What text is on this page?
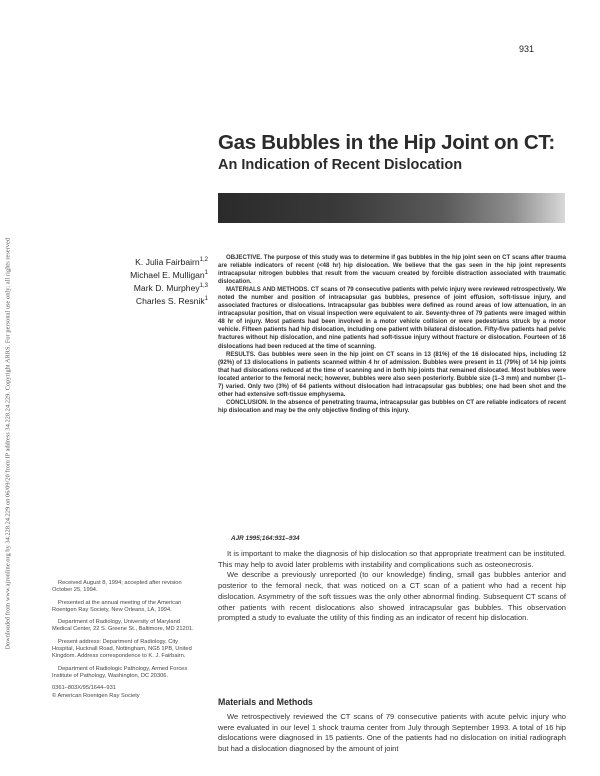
Downloaded from www.ajronline.org by 34.228.24.229 on 06/09/20 from IP address 34.228.24.229. Copyright ARRS. For personal use only; all rights reserved
931
Gas Bubbles in the Hip Joint on CT:
An Indication of Recent Dislocation
K. Julia Fairbairn$^{1,2}$
Michael E. Mulligan$^1$
Mark D. Murphey$^{1,3}$
Charles S. Resnik$^1$

OBJECTIVE. The purpose of this study was to determine if gas bubbles in the hip joint seen on CT scans after trauma are reliable indicators of recent (<48 hr) hip dislocation. We believe that the gas seen in the hip joint represents intracapsular nitrogen bubbles that result from the vacuum created by forcible distraction associated with traumatic dislocation.

MATERIALS AND METHODS. CT scans of 79 consecutive patients with pelvic injury were reviewed retrospectively. We noted the number and position of intracapsular gas bubbles, presence of joint effusion, soft-tissue injury, and associated fractures or dislocations. Intracapsular gas bubbles were defined as round areas of low attenuation, in an intracapsular position, that on visual inspection were equivalent to air. Seventy-three of 79 patients were imaged within 48 hr of injury. Most patients had been involved in a motor vehicle collision or were pedestrians struck by a motor vehicle. Fifteen patients had hip dislocation, including one patient with bilateral dislocation. Fifty-five patients had pelvic fractures without hip dislocation, and nine patients had soft-tissue injury without fracture or dislocation. Fourteen of 16 dislocations had been reduced at the time of scanning.

RESULTS. Gas bubbles were seen in the hip joint on CT scans in 13 (81%) of the 16 dislocated hips, including 12 (92%) of 13 dislocations in patients scanned within 4 hr of admission. Bubbles were present in 11 (79%) of 14 hip joints that had dislocations reduced at the time of scanning and in both hip joints that remained dislocated. Most bubbles were located anterior to the femoral neck; however, bubbles were also seen posteriorly. Bubble size (1–3 mm) and number (1–7) varied. Only two (3%) of 64 patients without dislocation had intracapsular gas bubbles; one had been shot and the other had extensive soft-tissue emphysema.

CONCLUSION. In the absence of penetrating trauma, intracapsular gas bubbles on CT are reliable indicators of recent hip dislocation and may be the only objective finding of this injury.

AJR 1995;164:931–934

It is important to make the diagnosis of hip dislocation so that appropriate treatment can be instituted. This may help to avoid later problems with instability and complications such as osteonecrosis.

We describe a previously unreported (to our knowledge) finding, small gas bubbles anterior and posterior to the femoral neck, that was noticed on a CT scan of a patient who had a recent hip dislocation. Asymmetry of the soft tissues was the only other abnormal finding. Subsequent CT scans of other patients with recent dislocations also showed intracapsular gas bubbles. This observation prompted a study to evaluate the utility of this finding as an indicator of recent hip dislocation.

Materials and Methods

We retrospectively reviewed the CT scans of 79 consecutive patients with acute pelvic injury who were evaluated in our level 1 shock trauma center from July through September 1993. A total of 16 hip dislocations were diagnosed in 15 patients. One of the patients had no dislocation on initial radiograph but had a dislocation diagnosed by the amount of joint

Received August 8, 1994; accepted after revision October 25, 1994.

Presented at the annual meeting of the American Roentgen Ray Society, New Orleans, LA, 1994.

Department of Radiology, University of Maryland Medical Center, 22 S. Greene St., Baltimore, MD 21201.

Present address: Department of Radiology, City Hospital, Hucknall Road, Nottingham, NG5 1PB, United Kingdom. Address correspondence to K. J. Fairbairn.

Department of Radiologic Pathology, Armed Forces Institute of Pathology, Washington, DC 20306.

0361–803X/95/1644–931

© American Roentgen Ray Society
